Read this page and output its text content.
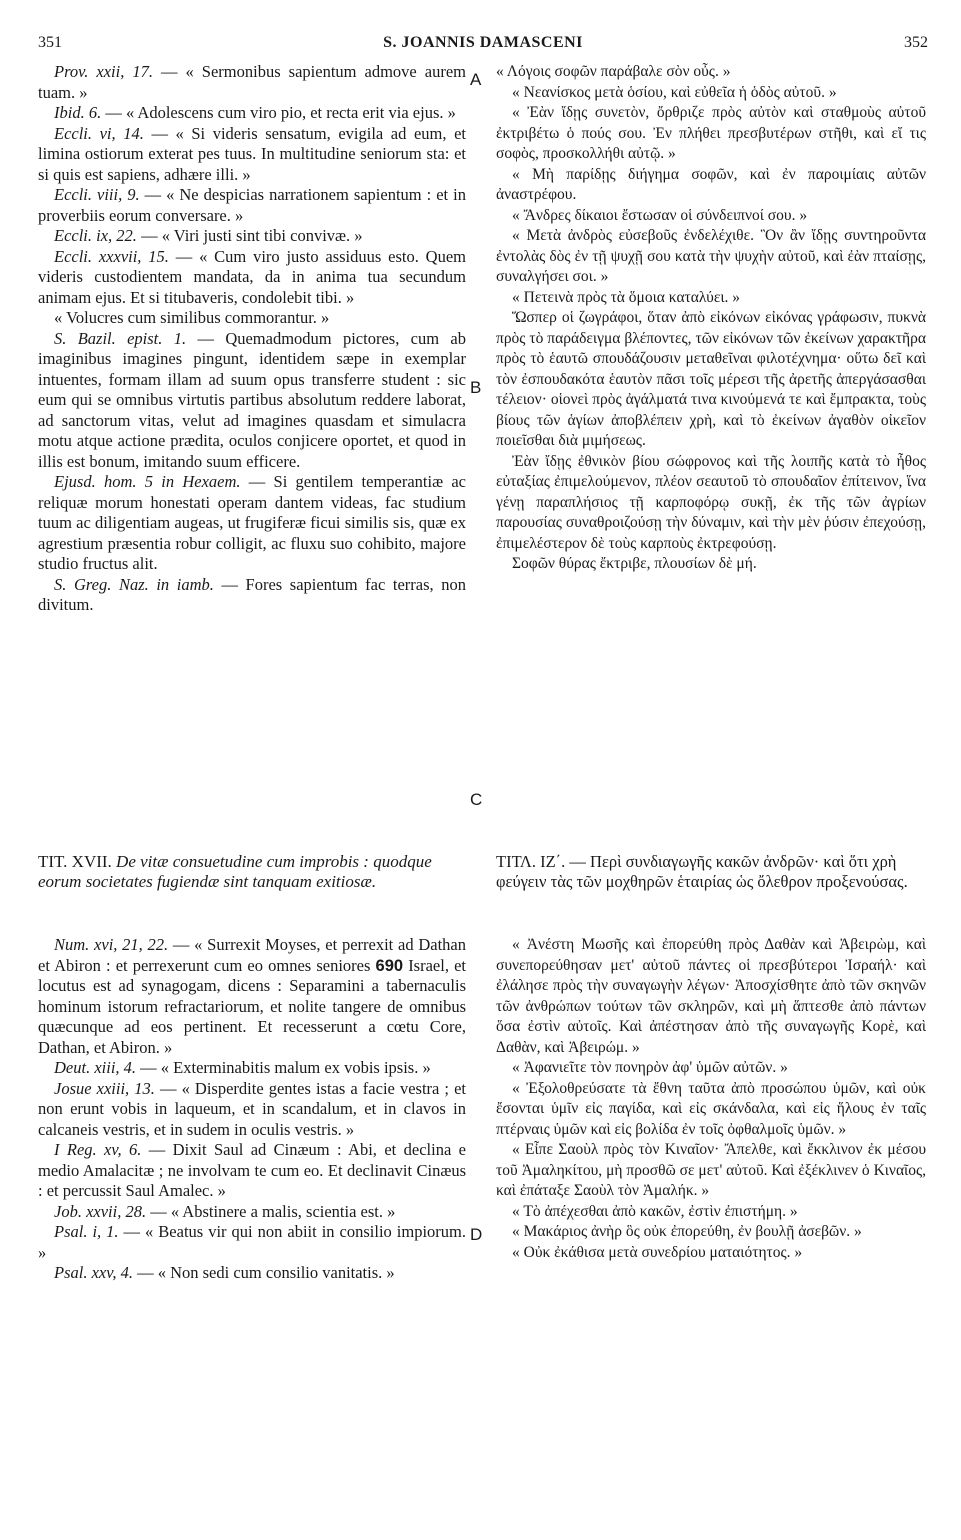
351	S. JOANNIS DAMASCENI	352
A
B
C
D

Prov. xxii, 17. — « Sermonibus sapientum admove aurem tuam. »

Ibid. 6. — « Adolescens cum viro pio, et recta erit via ejus. »

Eccli. vi, 14. — « Si videris sensatum, evigila ad eum, et limina ostiorum exterat pes tuus. In multitudine seniorum sta: et si quis est sapiens, adhære illi. »

Eccli. viii, 9. — « Ne despicias narrationem sapientum : et in proverbiis eorum conversare. »

Eccli. ix, 22. — « Viri justi sint tibi convivæ. »

Eccli. xxxvii, 15. — « Cum viro justo assiduus esto. Quem videris custodientem mandata, da in anima tua secundum animam ejus. Et si titubaveris, condolebit tibi. »

« Volucres cum similibus commorantur. »

S. Bazil. epist. 1. — Quemadmodum pictores, cum ab imaginibus imagines pingunt, identidem sæpe in exemplar intuentes, formam illam ad suum opus transferre student : sic eum qui se omnibus virtutis partibus absolutum reddere laborat, ad sanctorum vitas, velut ad imagines quasdam et simulacra motu atque actione prædita, oculos conjicere oportet, et quod in illis est bonum, imitando suum efficere.

Ejusd. hom. 5 in Hexaem. — Si gentilem temperantiæ ac reliquæ morum honestati operam dantem videas, fac studium tuum ac diligentiam augeas, ut frugiferæ ficui similis sis, quæ ex agrestium præsentia robur colligit, ac fluxu suo cohibito, majore studio fructus alit.

S. Greg. Naz. in iamb. — Fores sapientum fac terras, non divitum.

« Λόγοις σοφῶν παράβαλε σὸν οὖς. »

« Νεανίσκος μετὰ ὁσίου, καὶ εὐθεῖα ἡ ὁδὸς αὐτοῦ. »

« Ἐὰν ἴδῃς συνετὸν, ὄρθριζε πρὸς αὐτὸν καὶ σταθμοὺς αὐτοῦ ἐκτριβέτω ὁ πούς σου. Ἐν πλήθει πρεσβυτέρων στῆθι, καὶ εἴ τις σοφὸς, προσκολλήθι αὐτῷ. »

« Μὴ παρίδῃς διήγημα σοφῶν, καὶ ἐν παροιμίαις αὐτῶν ἀναστρέφου.

« Ἄνδρες δίκαιοι ἔστωσαν οἱ σύνδειπνοί σου. »

« Μετὰ ἀνδρὸς εὐσεβοῦς ἐνδελέχιθε. Ὃν ἂν ἴδῃς συντηροῦντα ἐντολὰς δὸς ἐν τῇ ψυχῇ σου κατὰ τὴν ψυχὴν αὐτοῦ, καὶ ἐὰν πταίσῃς, συναλγήσει σοι. »

« Πετεινὰ πρὸς τὰ ὅμοια καταλύει. »

Ὥσπερ οἱ ζωγράφοι, ὅταν ἀπὸ εἰκόνων εἰκόνας γράφωσιν, πυκνὰ πρὸς τὸ παράδειγμα βλέποντες, τῶν εἰκόνων τῶν ἐκείνων χαρακτῆρα πρὸς τὸ ἑαυτῶ σπουδάζουσιν μεταθεῖναι φιλοτέχνημα· οὕτω δεῖ καὶ τὸν ἐσπουδακότα ἑαυτὸν πᾶσι τοῖς μέρεσι τῆς ἀρετῆς ἀπεργάσασθαι τέλειον· οἱονεὶ πρὸς ἀγάλματά τινα κινούμενά τε καὶ ἔμπρακτα, τοὺς βίους τῶν ἁγίων ἀποβλέπειν χρὴ, καὶ τὸ ἐκείνων ἀγαθὸν οἰκεῖον ποιεῖσθαι διὰ μιμήσεως.

Ἐὰν ἴδῃς ἐθνικὸν βίου σώφρονος καὶ τῆς λοιπῆς κατὰ τὸ ἦθος εὐταξίας ἐπιμελούμενον, πλέον σεαυτοῦ τὸ σπουδαῖον ἐπίτεινον, ἵνα γένῃ παραπλήσιος τῇ καρποφόρῳ συκῇ, ἐκ τῆς τῶν ἀγρίων παρουσίας συναθροιζούσῃ τὴν δύναμιν, καὶ τὴν μὲν ῥύσιν ἐπεχούσῃ, ἐπιμελέστερον δὲ τοὺς καρποὺς ἐκτρεφούσῃ.

Σοφῶν θύρας ἔκτριβε, πλουσίων δὲ μή.

TIT. XVII. De vitæ consuetudine cum improbis : quodque eorum societates fugiendæ sint tanquam exitiosæ.
ΤΙΤΛ. ΙΖ΄. — Περὶ συνδιαγωγῆς κακῶν ἀνδρῶν· καὶ ὅτι χρὴ φεύγειν τὰς τῶν μοχθηρῶν ἑταιρίας ὡς ὄλεθρον προξενούσας.

Num. xvi, 21, 22. — « Surrexit Moyses, et perrexit ad Dathan et Abiron : et perrexerunt cum eo omnes seniores 690 Israel, et locutus est ad synagogam, dicens : Separamini a tabernaculis hominum istorum refractariorum, et nolite tangere de omnibus quæcunque ad eos pertinent. Et recesserunt a cœtu Core, Dathan, et Abiron. »

Deut. xiii, 4. — « Exterminabitis malum ex vobis ipsis. »

Josue xxiii, 13. — « Disperdite gentes istas a facie vestra ; et non erunt vobis in laqueum, et in scandalum, et in clavos in calcaneis vestris, et in sudem in oculis vestris. »

I Reg. xv, 6. — Dixit Saul ad Cinæum : Abi, et declina e medio Amalacitæ ; ne involvam te cum eo. Et declinavit Cinæus : et percussit Saul Amalec. »

Job. xxvii, 28. — « Abstinere a malis, scientia est. »

Psal. i, 1. — « Beatus vir qui non abiit in consilio impiorum. »

Psal. xxv, 4. — « Non sedi cum consilio vanitatis. »

« Ἀνέστη Μωσῆς καὶ ἐπορεύθη πρὸς Δαθὰν καὶ Ἀβειρὼμ, καὶ συνεπορεύθησαν μετ' αὐτοῦ πάντες οἱ πρεσβύτεροι Ἰσραήλ· καὶ ἐλάλησε πρὸς τὴν συναγωγὴν λέγων· Ἀποσχίσθητε ἀπὸ τῶν σκηνῶν τῶν ἀνθρώπων τούτων τῶν σκληρῶν, καὶ μὴ ἅπτεσθε ἀπὸ πάντων ὅσα ἐστὶν αὐτοῖς. Καὶ ἀπέστησαν ἀπὸ τῆς συναγωγῆς Κορὲ, καὶ Δαθὰν, καὶ Ἀβειρώμ. »

« Ἀφανιεῖτε τὸν πονηρὸν ἀφ' ὑμῶν αὐτῶν. »

« Ἐξολοθρεύσατε τὰ ἔθνη ταῦτα ἀπὸ προσώπου ὑμῶν, καὶ οὐκ ἔσονται ὑμῖν εἰς παγίδα, καὶ εἰς σκάνδαλα, καὶ εἰς ἥλους ἐν ταῖς πτέρναις ὑμῶν καὶ εἰς βολίδα ἐν τοῖς ὀφθαλμοῖς ὑμῶν. »

« Εἶπε Σαοὺλ πρὸς τὸν Κιναῖον· Ἄπελθε, καὶ ἔκκλινον ἐκ μέσου τοῦ Ἀμαληκίτου, μὴ προσθῶ σε μετ' αὐτοῦ. Καὶ ἐξέκλινεν ὁ Κιναῖος, καὶ ἐπάταξε Σαοὺλ τὸν Ἀμαλήκ. »

« Τὸ ἀπέχεσθαι ἀπὸ κακῶν, ἐστὶν ἐπιστήμη. »

« Μακάριος ἀνὴρ ὃς οὐκ ἐπορεύθη, ἐν βουλῇ ἀσεβῶν. »

« Οὐκ ἐκάθισα μετὰ συνεδρίου ματαιότητος. »
